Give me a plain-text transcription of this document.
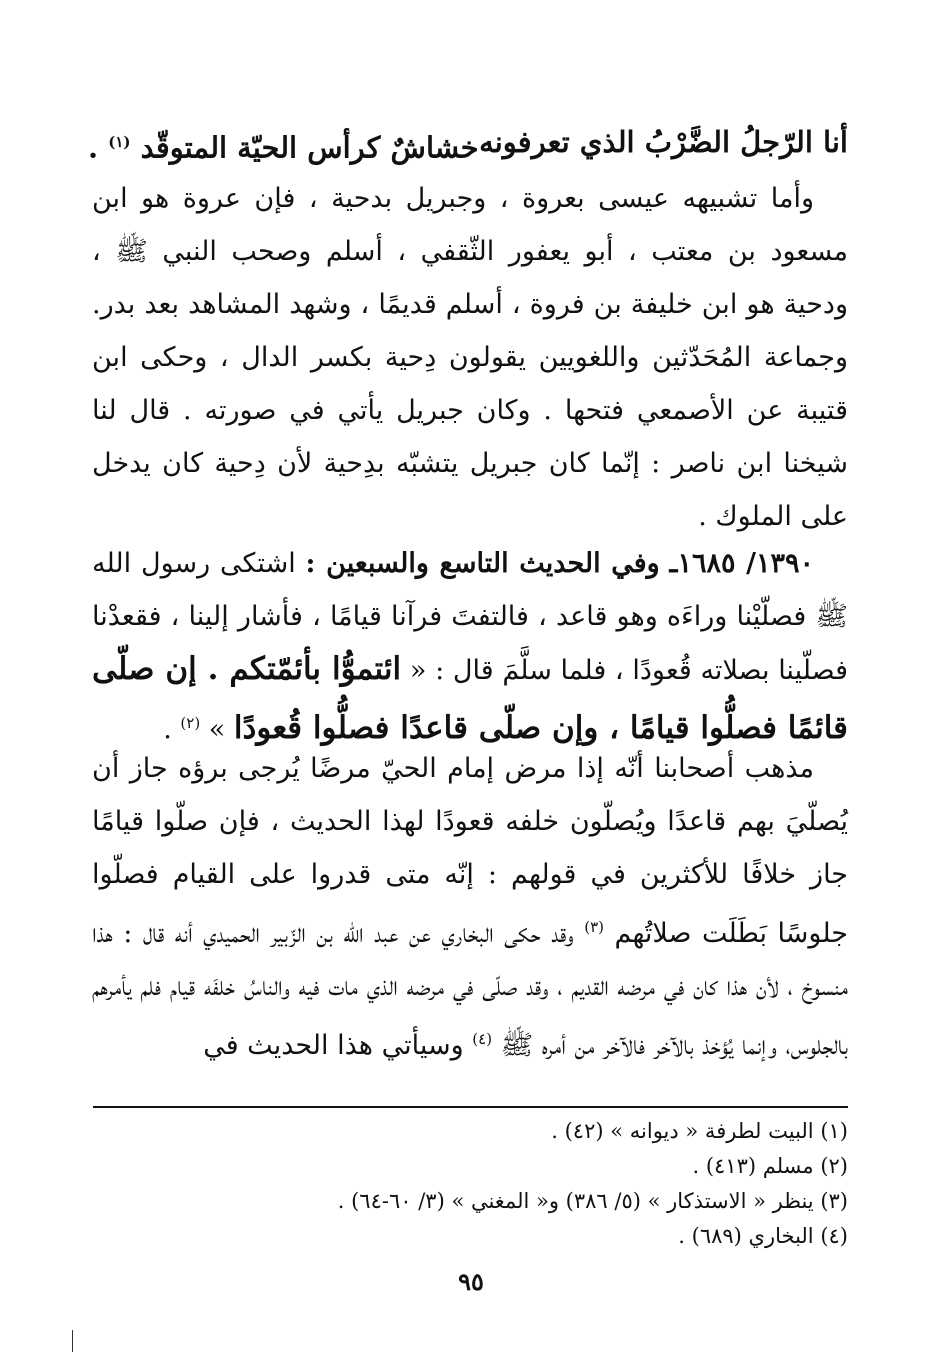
أنا الرّجلُ الضَّرْبُ الذي تعرفونه
خشاشٌ كرأس الحيّة المتوقّد $^{(١)}$ .
وأما تشبيهه عيسى بعروة ، وجبريل بدحية ، فإن عروة هو ابن مسعود بن معتب ، أبو يعفور الثّقفي ، أسلم وصحب النبي ﷺ ، ودحية هو ابن خليفة بن فروة ، أسلم قديمًا ، وشهد المشاهد بعد بدر. وجماعة المُحَدّثين واللغويين يقولون دِحية بكسر الدال ، وحكى ابن قتيبة عن الأصمعي فتحها . وكان جبريل يأتي في صورته . قال لنا شيخنا ابن ناصر : إنّما كان جبريل يتشبّه بدِحية لأن دِحية كان يدخل على الملوك .
١٣٩٠/ ١٦٨٥ـ وفي الحديث التاسع والسبعين : اشتكى رسول الله ﷺ فصلّيْنا وراءَه وهو قاعد ، فالتفتَ فرآنا قيامًا ، فأشار إلينا ، فقعدْنا فصلّينا بصلاته قُعودًا ، فلما سلَّمَ قال : « ائتموُّا بأئمّتكم . إن صلّى قائمًا فصلُّوا قيامًا ، وإن صلّى قاعدًا فصلُّوا قُعودًا » $^{(٢)}$ .
مذهب أصحابنا أنّه إذا مرض إمام الحيّ مرضًا يُرجى برؤه جاز أن يُصلّيَ بهم قاعدًا ويُصلّون خلفه قعودًا لهذا الحديث ، فإن صلّوا قيامًا جاز خلافًا للأكثرين في قولهم : إنّه متى قدروا على القيام فصلّوا جلوسًا بَطَلَت صلاتُهم $^{(٣)}$ وقد حكى البخاري عن عبد الله بن الزّبير الحميدي أنه قال : هذا منسوخ ، لأن هذا كان في مرضه القديم ، وقد صلّى في مرضه الذي مات فيه والناسُ خلفَه قيام فلم يأمرهم بالجلوس، وإنما يُؤخذ بالآخر فالآخر من أمره ﷺ $^{(٤)}$ وسيأتي هذا الحديث في
(١) البيت لطرفة « ديوانه » (٤٢) .
(٢) مسلم (٤١٣) .
(٣) ينظر « الاستذكار » (٥/ ٣٨٦) و« المغني » (٣/ ٦٠-٦٤) .
(٤) البخاري (٦٨٩) .
٩٥
